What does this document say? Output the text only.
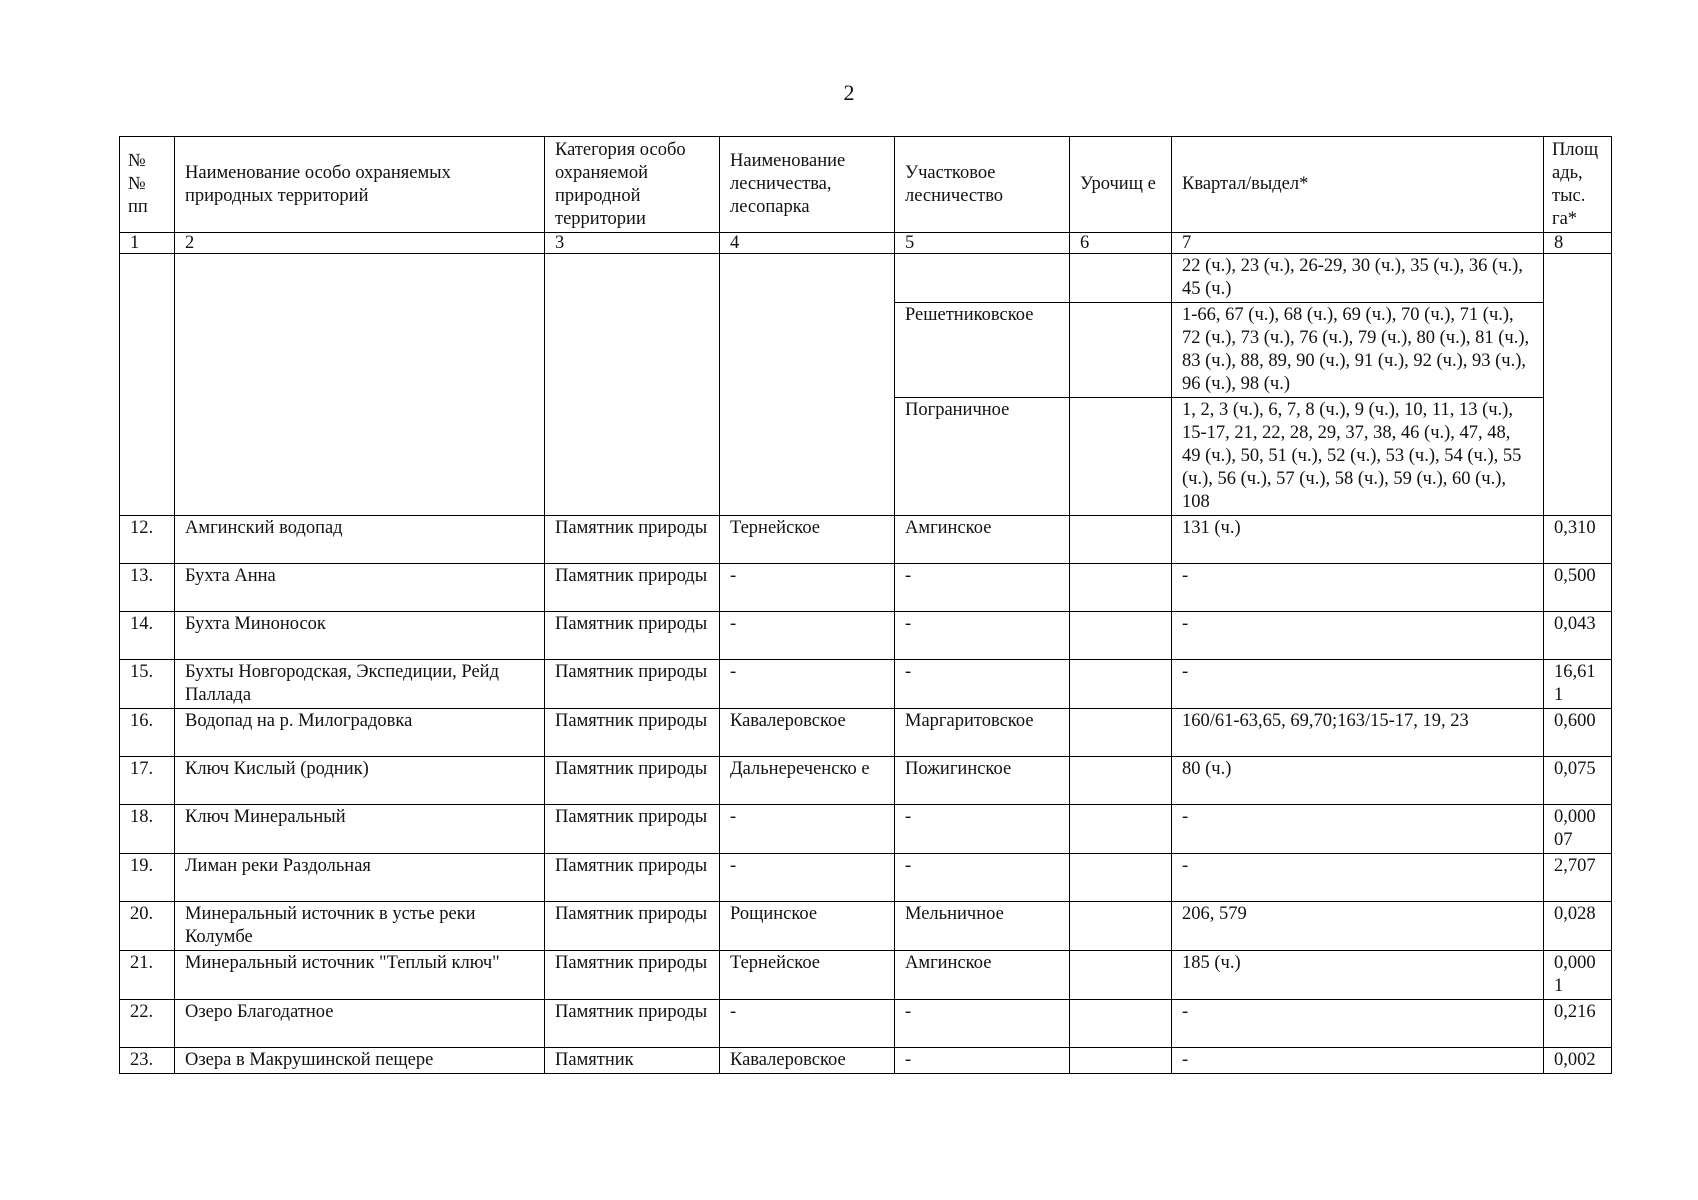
2
№ № пп	Наименование особо охраняемых природных территорий	Категория особо охраняемой природной территории	Наименование лесничества, лесопарка	Участковое лесничество	Урочищ е	Квартал/выдел*	Площ адь, тыс. га*
1	2	3	4	5	6	7	8
						22 (ч.), 23 (ч.), 26-29, 30 (ч.), 35 (ч.), 36 (ч.), 45 (ч.)	
				Решетниковское		1-66, 67 (ч.), 68 (ч.), 69 (ч.), 70 (ч.), 71 (ч.), 72 (ч.), 73 (ч.), 76 (ч.), 79 (ч.), 80 (ч.), 81 (ч.), 83 (ч.), 88, 89, 90 (ч.), 91 (ч.), 92 (ч.), 93 (ч.), 96 (ч.), 98 (ч.)	
				Пограничное		1, 2, 3 (ч.), 6, 7, 8 (ч.), 9 (ч.), 10, 11, 13 (ч.), 15-17, 21, 22, 28, 29, 37, 38, 46 (ч.), 47, 48, 49 (ч.), 50, 51 (ч.), 52 (ч.), 53 (ч.), 54 (ч.), 55 (ч.), 56 (ч.), 57 (ч.), 58 (ч.), 59 (ч.), 60 (ч.), 108	
12.	Амгинский водопад	Памятник природы	Тернейское	Амгинское		131 (ч.)	0,310
13.	Бухта Анна	Памятник природы	-	-		-	0,500
14.	Бухта Миноносок	Памятник природы	-	-		-	0,043
15.	Бухты Новгородская, Экспедиции, Рейд Паллада	Памятник природы	-	-		-	16,61 1
16.	Водопад на р. Милоградовка	Памятник природы	Кавалеровское	Маргаритовское		160/61-63,65, 69,70;163/15-17, 19, 23	0,600
17.	Ключ Кислый (родник)	Памятник природы	Дальнереченско е	Пожигинское		80 (ч.)	0,075
18.	Ключ Минеральный	Памятник природы	-	-		-	0,000 07
19.	Лиман реки Раздольная	Памятник природы	-	-		-	2,707
20.	Минеральный источник в устье реки Колумбе	Памятник природы	Рощинское	Мельничное		206, 579	0,028
21.	Минеральный источник "Теплый ключ"	Памятник природы	Тернейское	Амгинское		185 (ч.)	0,000 1
22.	Озеро Благодатное	Памятник природы	-	-		-	0,216
23.	Озера в Макрушинской пещере	Памятник	Кавалеровское	-		-	0,002
